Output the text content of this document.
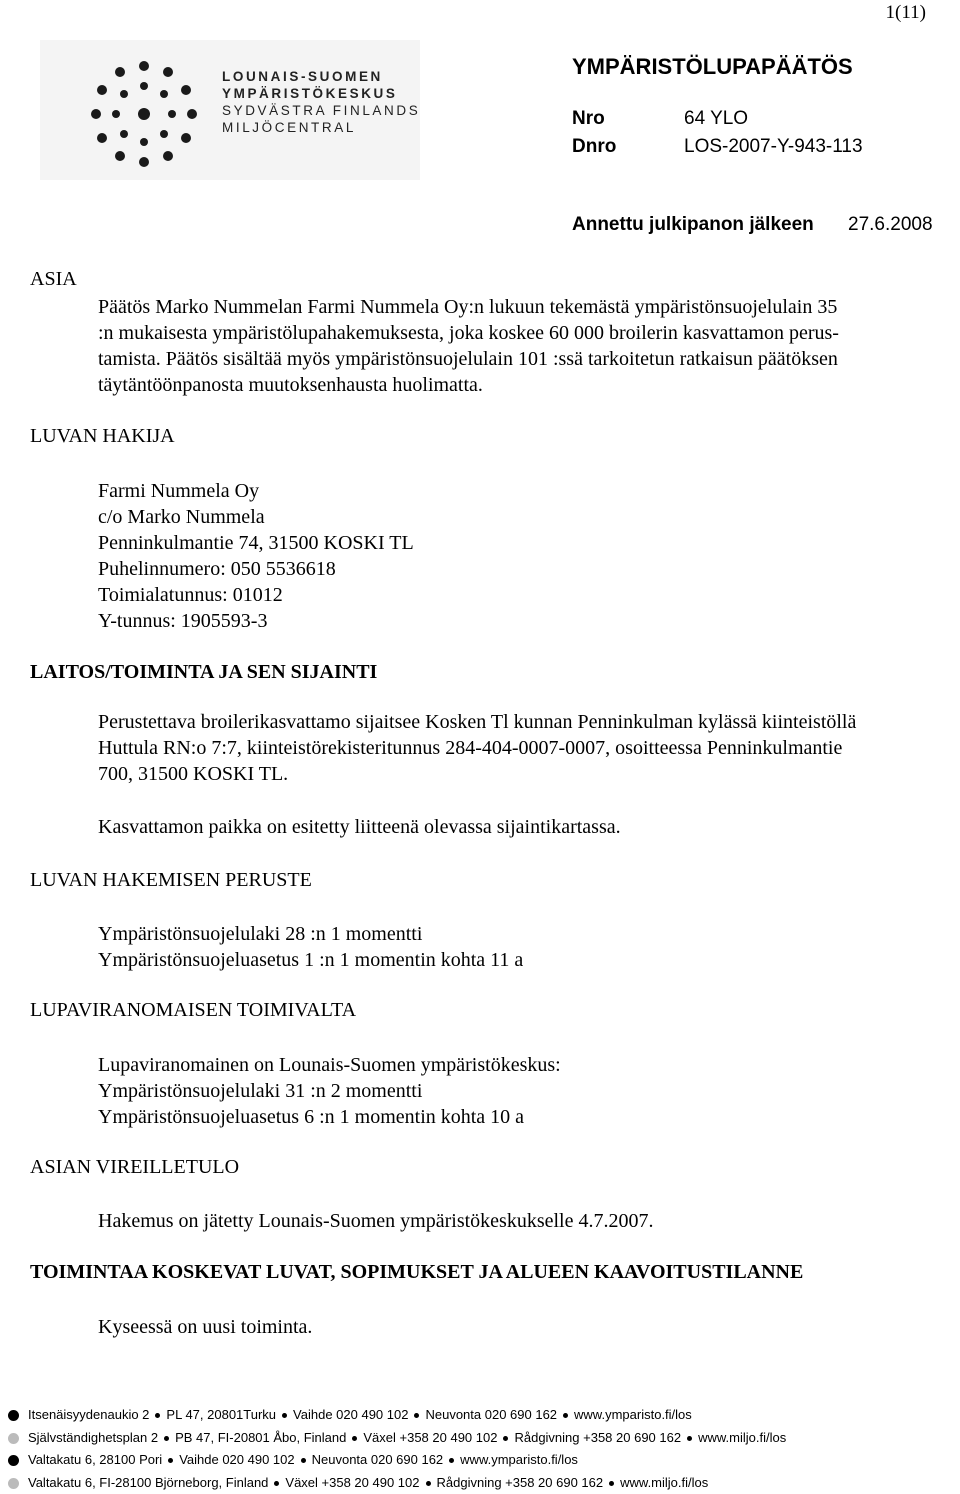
1(11)
LOUNAIS-SUOMEN
YMPÄRISTÖKESKUS
SYDVÄSTRA FINLANDS
MILJÖCENTRAL
YMPÄRISTÖLUPAPÄÄTÖS
Nro	64 YLO
Dnro	LOS-2007-Y-943-113
Annettu julkipanon jälkeen 27.6.2008
ASIA
Päätös Marko Nummelan Farmi Nummela Oy:n lukuun tekemästä ympäristönsuojelulain 35
:n mukaisesta ympäristölupahakemuksesta, joka koskee 60 000 broilerin kasvattamon perus-
tamista. Päätös sisältää myös ympäristönsuojelulain 101 :ssä tarkoitetun ratkaisun päätöksen
täytäntöönpanosta muutoksenhausta huolimatta.
LUVAN HAKIJA
Farmi Nummela Oy
c/o Marko Nummela
Penninkulmantie 74, 31500 KOSKI TL
Puhelinnumero: 050 5536618
Toimialatunnus: 01012
Y-tunnus: 1905593-3
LAITOS/TOIMINTA JA SEN SIJAINTI
Perustettava broilerikasvattamo sijaitsee Kosken Tl kunnan Penninkulman kylässä kiinteistöllä
Huttula RN:o 7:7, kiinteistörekisteritunnus 284-404-0007-0007, osoitteessa Penninkulmantie
700, 31500 KOSKI TL.
Kasvattamon paikka on esitetty liitteenä olevassa sijaintikartassa.
LUVAN HAKEMISEN PERUSTE
Ympäristönsuojelulaki 28 :n 1 momentti
Ympäristönsuojeluasetus 1 :n 1 momentin kohta 11 a
LUPAVIRANOMAISEN TOIMIVALTA
Lupaviranomainen on Lounais-Suomen ympäristökeskus:
Ympäristönsuojelulaki 31 :n 2 momentti
Ympäristönsuojeluasetus 6 :n 1 momentin kohta 10 a
ASIAN VIREILLETULO
Hakemus on jätetty Lounais-Suomen ympäristökeskukselle 4.7.2007.
TOIMINTAA KOSKEVAT LUVAT, SOPIMUKSET JA ALUEEN KAAVOITUSTILANNE
Kyseessä on uusi toiminta.
Itsenäisyydenaukio 2 PL 47, 20801Turku Vaihde 020 490 102 Neuvonta 020 690 162 www.ymparisto.fi/los
Självständighetsplan 2 PB 47, FI-20801 Åbo, Finland Växel +358 20 490 102 Rådgivning +358 20 690 162 www.miljo.fi/los
Valtakatu 6, 28100 Pori Vaihde 020 490 102 Neuvonta 020 690 162 www.ymparisto.fi/los
Valtakatu 6, FI-28100 Björneborg, Finland Växel +358 20 490 102 Rådgivning +358 20 690 162 www.miljo.fi/los
